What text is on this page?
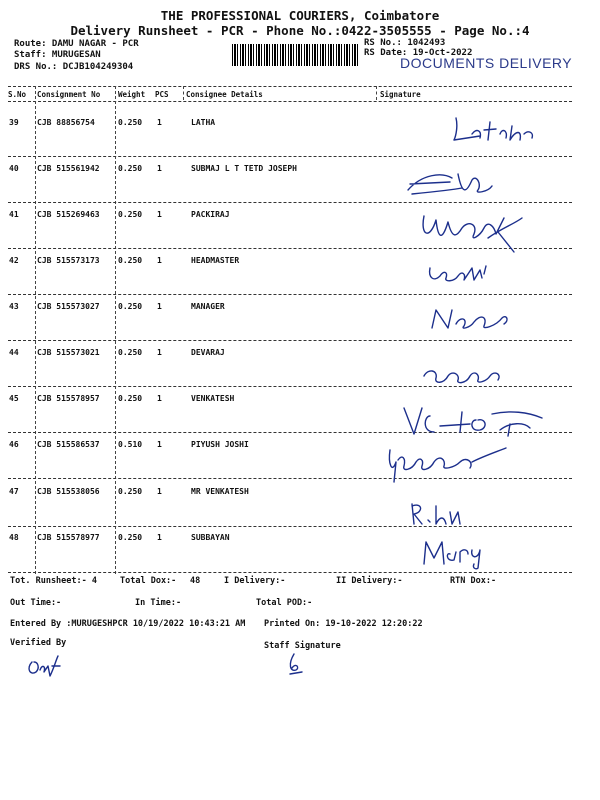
THE PROFESSIONAL COURIERS, Coimbatore
Delivery Runsheet - PCR - Phone No.:0422-3505555 - Page No.:4
Route: DAMU NAGAR - PCR
Staff: MURUGESAN
DRS No.: DCJB104249304
RS No.: 1042493
RS Date: 19-Oct-2022
DOCUMENTS DELIVERY
S.No Consignment No Weight PCS Consignee Details	Signature
39 CJB 88856754	0.250 1	LATHA
40 CJB 515561942 0.250 1	SUBMAJ L T TETD JOSEPH
41 CJB 515269463 0.250 1	PACKIRAJ
42 CJB 515573173 0.250 1	HEADMASTER
43 CJB 515573027 0.250 1	MANAGER
44 CJB 515573021 0.250 1	DEVARAJ
45 CJB 515578957 0.250 1	VENKATESH
46 CJB 515586537 0.510 1	PIYUSH JOSHI
47 CJB 515538056 0.250 1	MR VENKATESH
48 CJB 515578977 0.250 1	SUBBAYAN
Tot. Runsheet:- 4	Total Dox:- 48	I Delivery:-	II Delivery:-	RTN Dox:-
Out Time:-	In Time:-	Total POD:-
Entered By :MURUGESHPCR 10/19/2022 10:43:21 AM Printed On: 19-10-2022 12:20:22
Verified By	Staff Signature
